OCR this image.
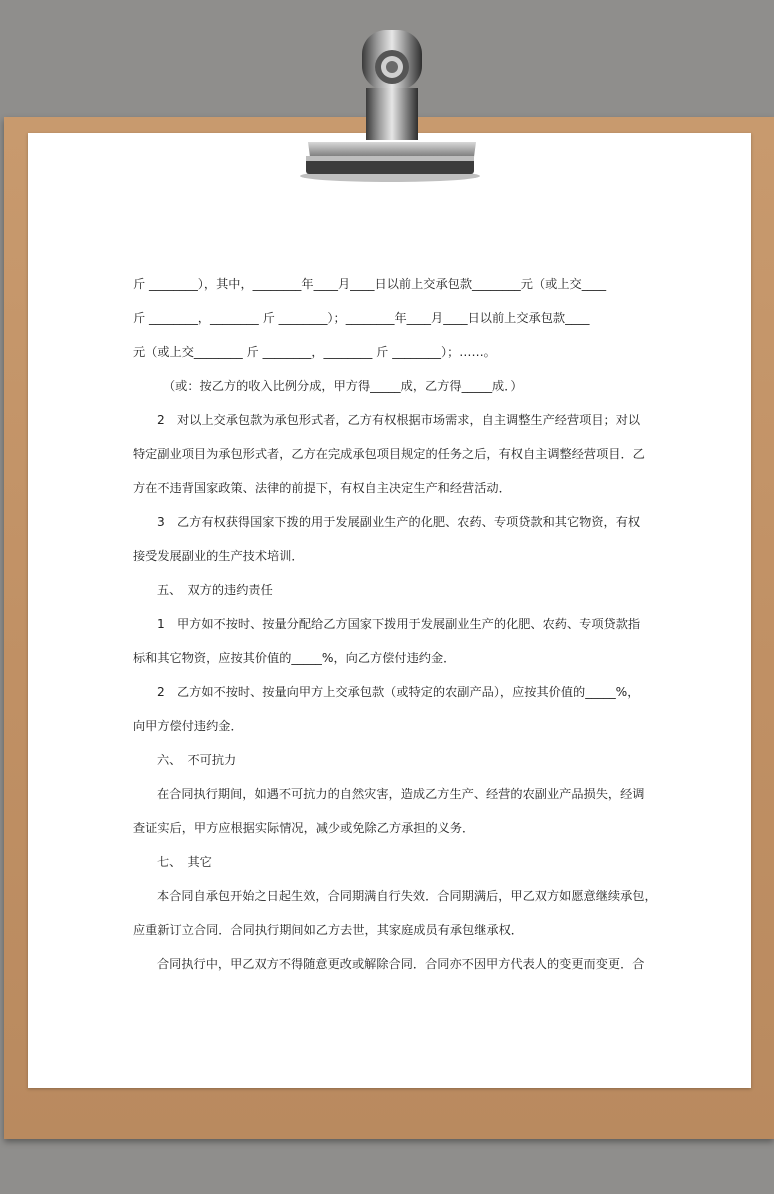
斤 ________），其中，________年____月____日以前上交承包款________元（或上交____
斤 ________，________ 斤 ________）；________年____月____日以前上交承包款____
元（或上交________ 斤 ________，________ 斤 ________）；……。
（或：按乙方的收入比例分成，甲方得_____成，乙方得_____成．）
2　对以上交承包款为承包形式者，乙方有权根据市场需求，自主调整生产经营项目；对以
特定副业项目为承包形式者，乙方在完成承包项目规定的任务之后，有权自主调整经营项目．乙
方在不违背国家政策、法律的前提下，有权自主决定生产和经营活动．
3　乙方有权获得国家下拨的用于发展副业生产的化肥、农药、专项贷款和其它物资，有权
接受发展副业的生产技术培训．
五、　双方的违约责任
1　甲方如不按时、按量分配给乙方国家下拨用于发展副业生产的化肥、农药、专项贷款指
标和其它物资，应按其价值的_____%，向乙方偿付违约金．
2　乙方如不按时、按量向甲方上交承包款（或特定的农副产品），应按其价值的_____%，
向甲方偿付违约金．
六、　不可抗力
在合同执行期间，如遇不可抗力的自然灾害，造成乙方生产、经营的农副业产品损失，经调
查证实后，甲方应根据实际情况，减少或免除乙方承担的义务．
七、　其它
本合同自承包开始之日起生效，合同期满自行失效．合同期满后，甲乙双方如愿意继续承包，
应重新订立合同．合同执行期间如乙方去世，其家庭成员有承包继承权．
合同执行中，甲乙双方不得随意更改或解除合同．合同亦不因甲方代表人的变更而变更．合
